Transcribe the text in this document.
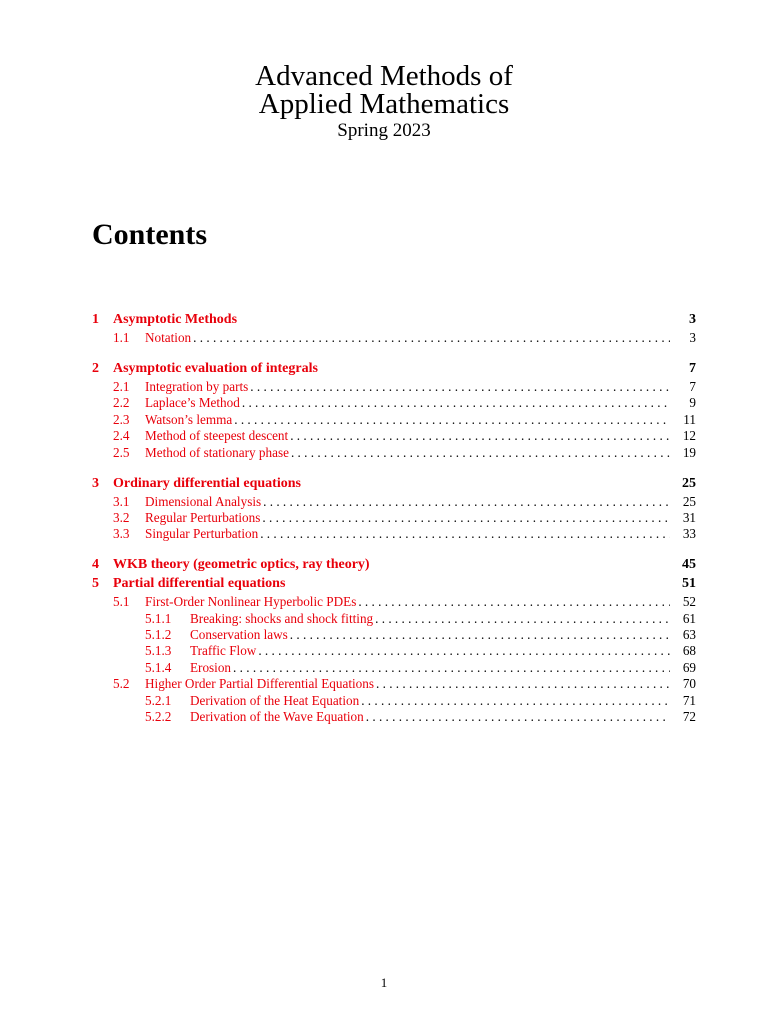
Advanced Methods of
Applied Mathematics
Spring 2023
Contents
1	Asymptotic Methods	3
1.1	Notation . . .	3
2	Asymptotic evaluation of integrals	7
2.1	Integration by parts . . .	7
2.2	Laplace’s Method . . .	9
2.3	Watson’s lemma . . .	11
2.4	Method of steepest descent . . .	12
2.5	Method of stationary phase . . .	19
3	Ordinary differential equations	25
3.1	Dimensional Analysis . . .	25
3.2	Regular Perturbations . . .	31
3.3	Singular Perturbation . . .	33
4	WKB theory (geometric optics, ray theory)	45
5	Partial differential equations	51
5.1	First-Order Nonlinear Hyperbolic PDEs . . .	52
5.1.1	Breaking: shocks and shock fitting . . .	61
5.1.2	Conservation laws . . .	63
5.1.3	Traffic Flow . . .	68
5.1.4	Erosion . . .	69
5.2	Higher Order Partial Differential Equations . . .	70
5.2.1	Derivation of the Heat Equation . . .	71
5.2.2	Derivation of the Wave Equation . . .	72
1
